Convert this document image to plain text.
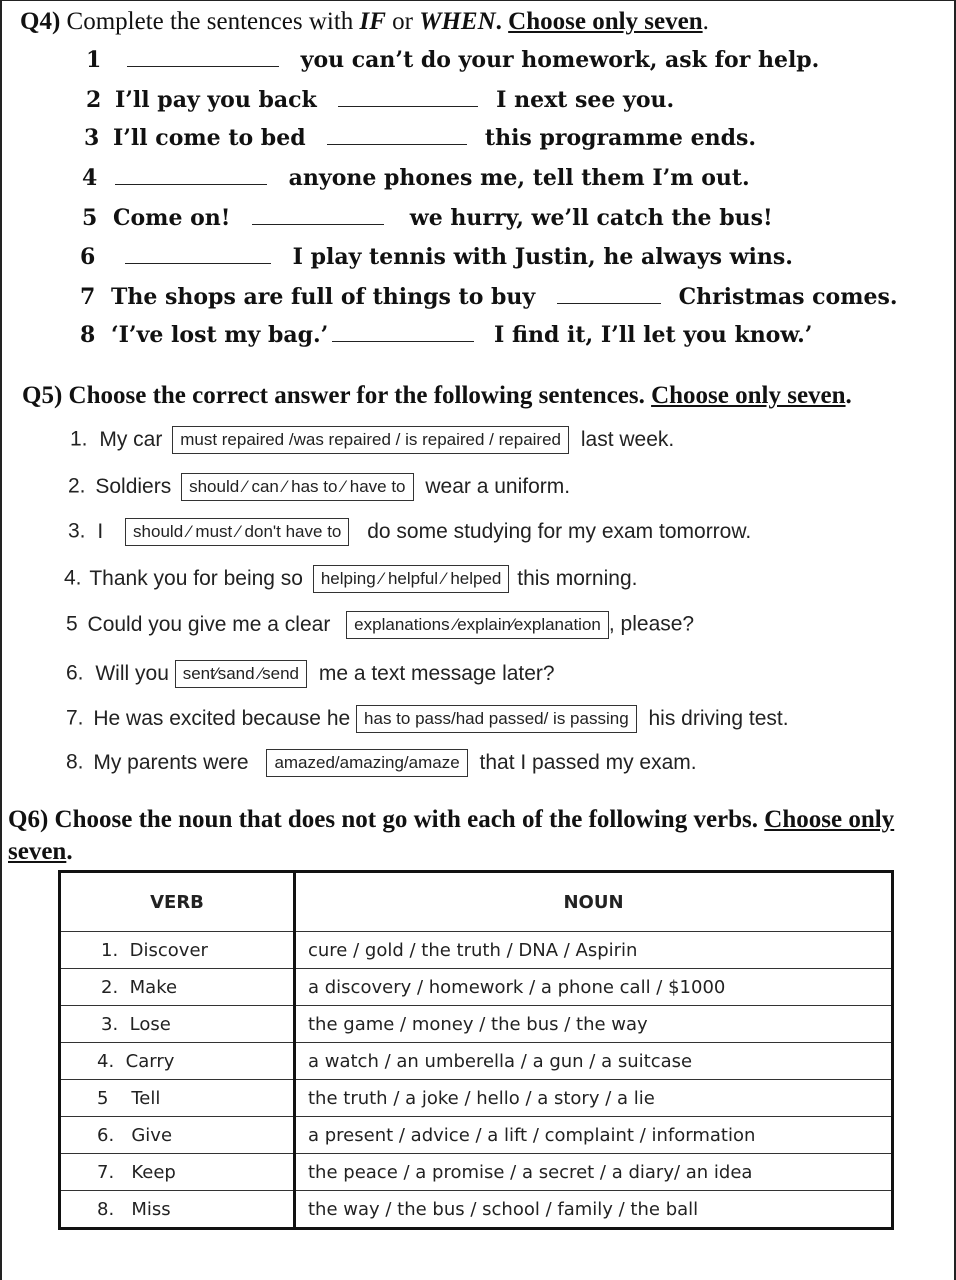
Q4) Complete the sentences with IF or WHEN. Choose only seven.
1	you can’t do your homework, ask for help.
2 I’ll pay you back	I next see you.
3 I’ll come to bed	this programme ends.
4	anyone phones me, tell them I’m out.
5 Come on!	we hurry, we’ll catch the bus!
6	I play tennis with Justin, he always wins.
7 The shops are full of things to buy	Christmas comes.
8 ‘I’ve lost my bag.’	I find it, I’ll let you know.’
Q5) Choose the correct answer for the following sentences. Choose only seven.
1. My car must repaired /was repaired / is repaired / repaired last week.
2. Soldiers should ⁄ can ⁄ has to ⁄ have to wear a uniform.
3. I should ⁄ must ⁄ don't have to do some studying for my exam tomorrow.
4. Thank you for being so helping ⁄ helpful ⁄ helped this morning.
5 Could you give me a clear explanations ⁄explain⁄explanation , please?
6. Will you sent⁄sand ⁄send me a text message later?
7. He was excited because he has to pass/had passed/ is passing his driving test.
8. My parents were amazed/amazing/amaze that I passed my exam.
Q6) Choose the noun that does not go with each of the following verbs. Choose only
seven.
VERB	NOUN
1. Discover	cure / gold / the truth / DNA / Aspirin
2. Make	a discovery / homework / a phone call / $1000
3. Lose	the game / money / the bus / the way
4. Carry	a watch / an umberella / a gun / a suitcase
5 Tell	the truth / a joke / hello / a story / a lie
6. Give	a present / advice / a lift / complaint / information
7. Keep	the peace / a promise / a secret / a diary/ an idea
8. Miss	the way / the bus / school / family / the ball
